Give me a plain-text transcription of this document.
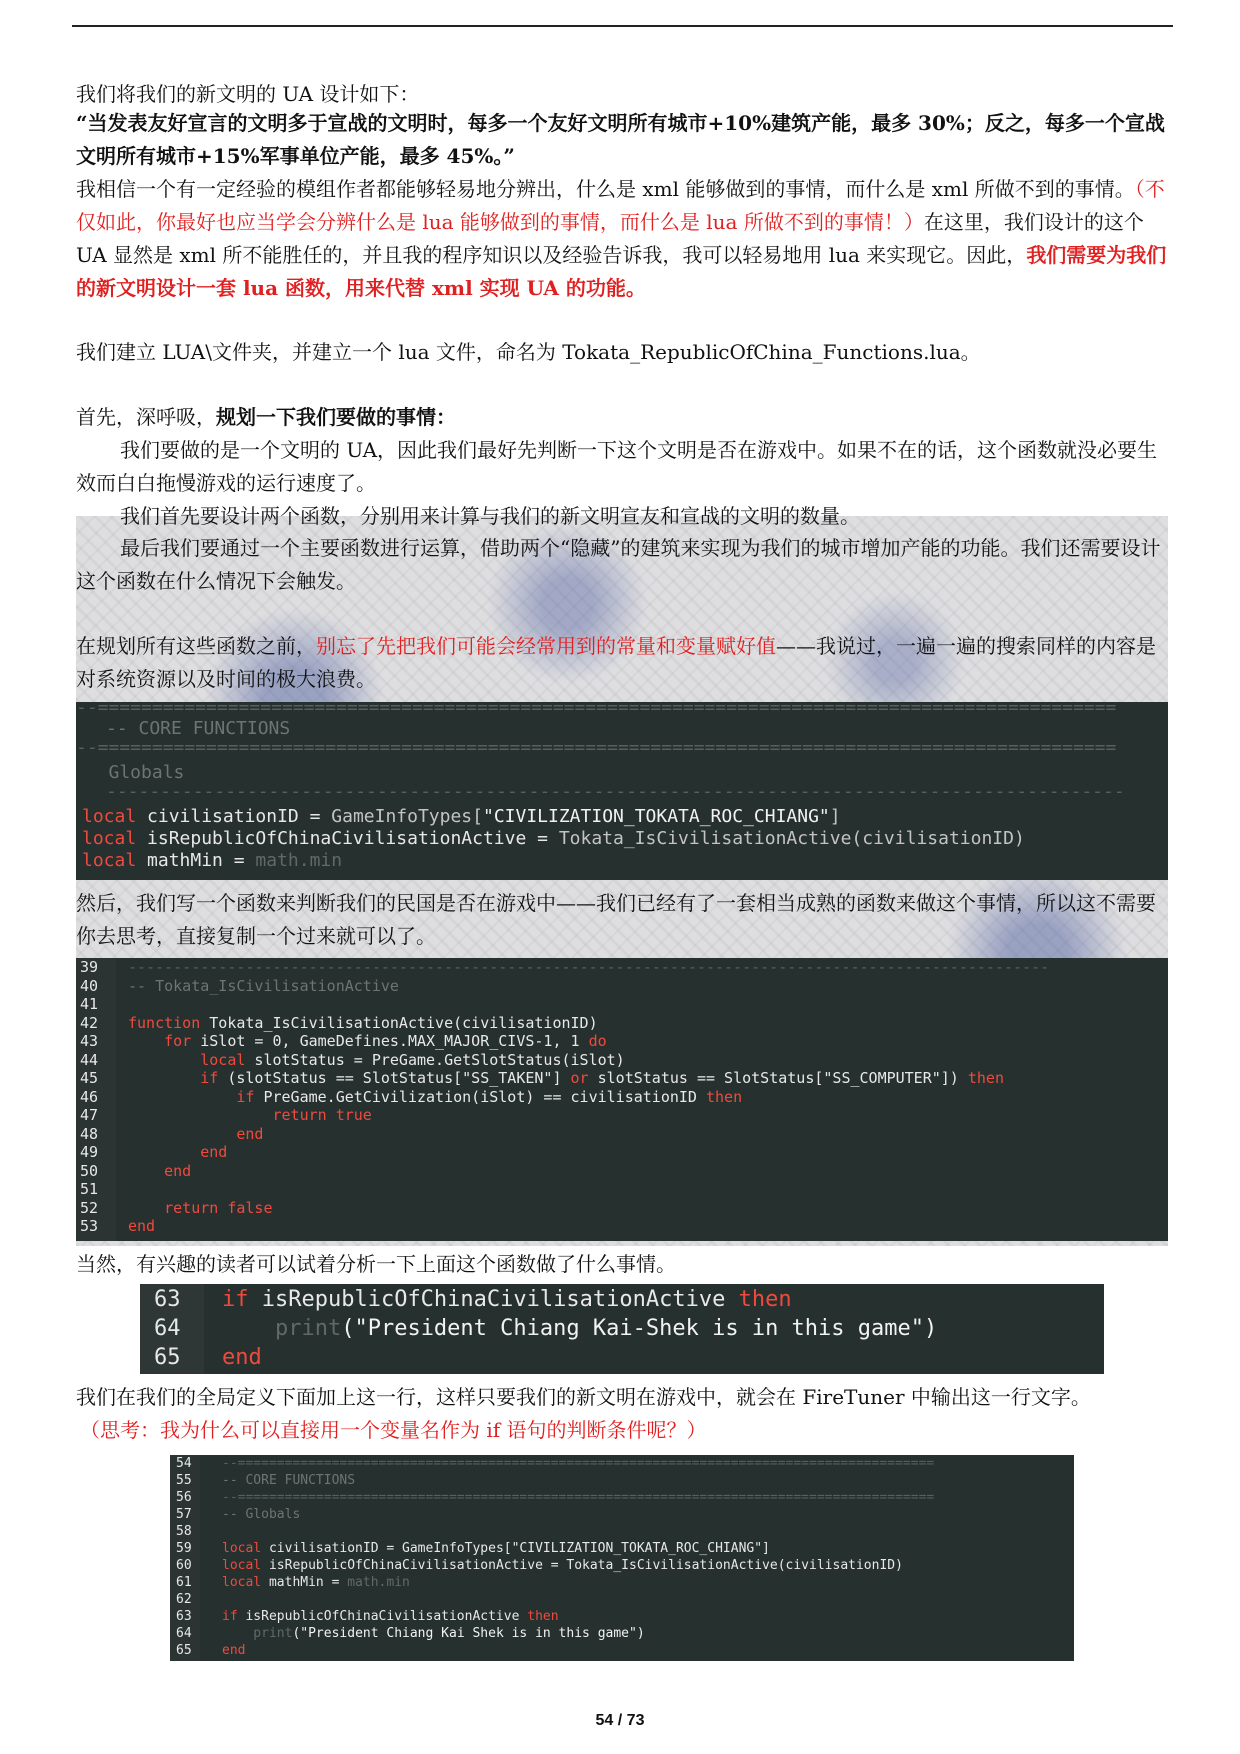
我们将我们的新文明的 UA 设计如下：
“当发表友好宣言的文明多于宣战的文明时，每多一个友好文明所有城市+10%建筑产能，最多 30%；反之，每多一个宣战文明所有城市+15%军事单位产能，最多 45%。”
我相信一个有一定经验的模组作者都能够轻易地分辨出，什么是 xml 能够做到的事情，而什么是 xml 所做不到的事情。（不仅如此，你最好也应当学会分辨什么是 lua 能够做到的事情，而什么是 lua 所做不到的事情！）在这里，我们设计的这个 UA 显然是 xml 所不能胜任的，并且我的程序知识以及经验告诉我，我可以轻易地用 lua 来实现它。因此，我们需要为我们的新文明设计一套 lua 函数，用来代替 xml 实现 UA 的功能。
我们建立 LUA\文件夹，并建立一个 lua 文件，命名为 Tokata_RepublicOfChina_Functions.lua。
首先，深呼吸，规划一下我们要做的事情：
我们要做的是一个文明的 UA，因此我们最好先判断一下这个文明是否在游戏中。如果不在的话，这个函数就没必要生效而白白拖慢游戏的运行速度了。
我们首先要设计两个函数，分别用来计算与我们的新文明宣友和宣战的文明的数量。
最后我们要通过一个主要函数进行运算，借助两个“隐藏”的建筑来实现为我们的城市增加产能的功能。我们还需要设计这个函数在什么情况下会触发。
在规划所有这些函数之前，别忘了先把我们可能会经常用到的常量和变量赋好值——我说过，一遍一遍的搜索同样的内容是对系统资源以及时间的极大浪费。
--==============================================================================================
-- CORE FUNCTIONS
--==============================================================================================
Globals
----------------------------------------------------------------------------------------------
local civilisationID = GameInfoTypes["CIVILIZATION_TOKATA_ROC_CHIANG"]
local isRepublicOfChinaCivilisationActive = Tokata_IsCivilisationActive(civilisationID)
local mathMin = math.min
然后，我们写一个函数来判断我们的民国是否在游戏中——我们已经有了一套相当成熟的函数来做这个事情，所以这不需要你去思考，直接复制一个过来就可以了。
39
40
41
42
43
44
45
46
47
48
49
50
51
52
53
------------------------------------------------------------------------------------------------------
-- Tokata_IsCivilisationActive
function Tokata_IsCivilisationActive(civilisationID)
for iSlot = 0, GameDefines.MAX_MAJOR_CIVS-1, 1 do
local slotStatus = PreGame.GetSlotStatus(iSlot)
if (slotStatus == SlotStatus["SS_TAKEN"] or slotStatus == SlotStatus["SS_COMPUTER"]) then
if PreGame.GetCivilization(iSlot) == civilisationID then
return true
end
end
end
return false
end
当然，有兴趣的读者可以试着分析一下上面这个函数做了什么事情。
63
64
65
if isRepublicOfChinaCivilisationActive then
print("President Chiang Kai-Shek is in this game")
end
我们在我们的全局定义下面加上这一行，这样只要我们的新文明在游戏中，就会在 FireTuner 中输出这一行文字。
（思考：我为什么可以直接用一个变量名作为 if 语句的判断条件呢？）
54
55
56
57
58
59
60
61
62
63
64
65
--=========================================================================================
-- CORE FUNCTIONS
--=========================================================================================
-- Globals
local civilisationID = GameInfoTypes["CIVILIZATION_TOKATA_ROC_CHIANG"]
local isRepublicOfChinaCivilisationActive = Tokata_IsCivilisationActive(civilisationID)
local mathMin = math.min
if isRepublicOfChinaCivilisationActive then
print("President Chiang Kai Shek is in this game")
end
54 / 73
